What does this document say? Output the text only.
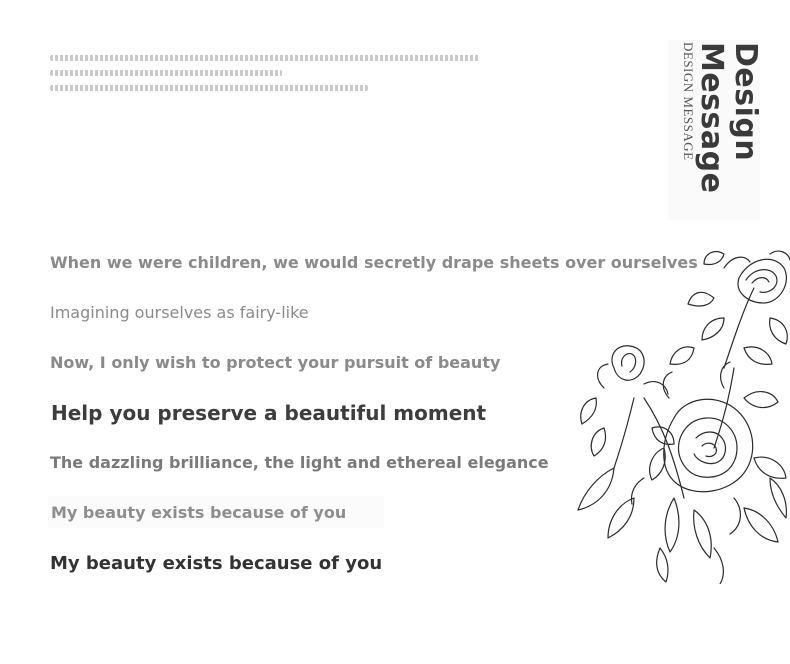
Design
Message
DESIGN MESSAGE
When we were children, we would secretly drape sheets over ourselves
Imagining ourselves as fairy-like
Now, I only wish to protect your pursuit of beauty
Help you preserve a beautiful moment
The dazzling brilliance, the light and ethereal elegance
My beauty exists because of you
My beauty exists because of you
